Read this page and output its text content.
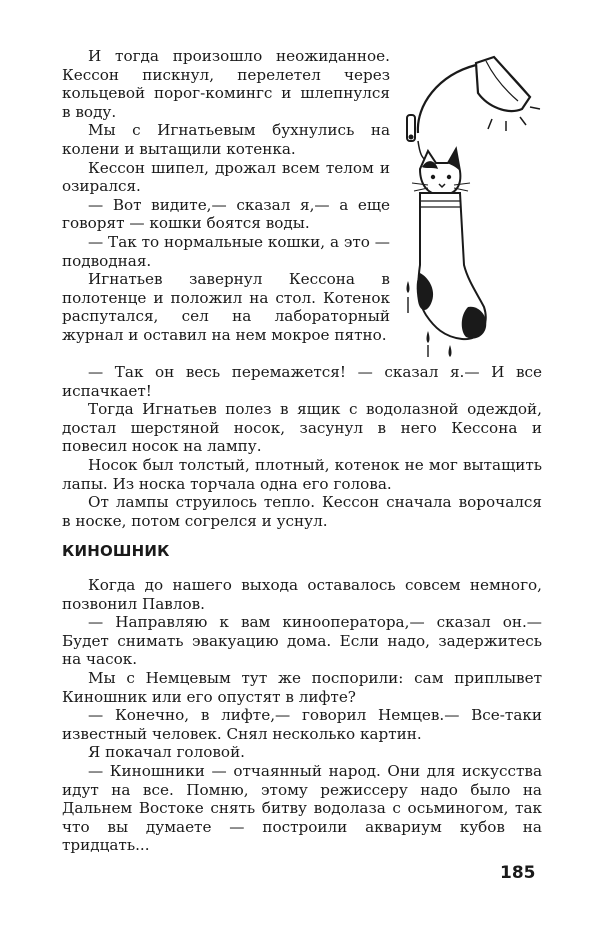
И тогда произошло неожиданное. Кессон пискнул, перелетел через кольцевой порог-комингс и шлепнулся в воду.

Мы с Игнатьевым бухнулись на колени и вытащили котенка.

Кессон шипел, дрожал всем телом и озирался.

— Вот видите,— сказал я,— а еще говорят — кошки боятся воды.

— Так то нормальные кошки, а это — подводная.

Игнатьев завернул Кессона в полотенце и положил на стол. Котенок распутался, сел на лабораторный журнал и оставил на нем мокрое пятно.

— Так он весь перемажется! — сказал я.— И все испачкает!

Тогда Игнатьев полез в ящик с водолазной одеждой, достал шерстяной носок, засунул в него Кессона и повесил носок на лампу.

Носок был толстый, плотный, котенок не мог вытащить лапы. Из носка торчала одна его голова.

От лампы струилось тепло. Кессон сначала ворочался в носке, потом согрелся и уснул.

КИНОШНИК

Когда до нашего выхода оставалось совсем немного, позвонил Павлов.

— Направляю к вам кинооператора,— сказал он.— Будет снимать эвакуацию дома. Если надо, задержитесь на часок.

Мы с Немцевым тут же поспорили: сам приплывет Киношник или его опустят в лифте?

— Конечно, в лифте,— говорил Немцев.— Все-таки известный человек. Снял несколько картин.

Я покачал головой.

— Киношники — отчаянный народ. Они для искусства идут на все. Помню, этому режиссеру надо было на Дальнем Востоке снять битву водолаза с осьминогом, так что вы думаете — построили аквариум кубов на тридцать...

185
